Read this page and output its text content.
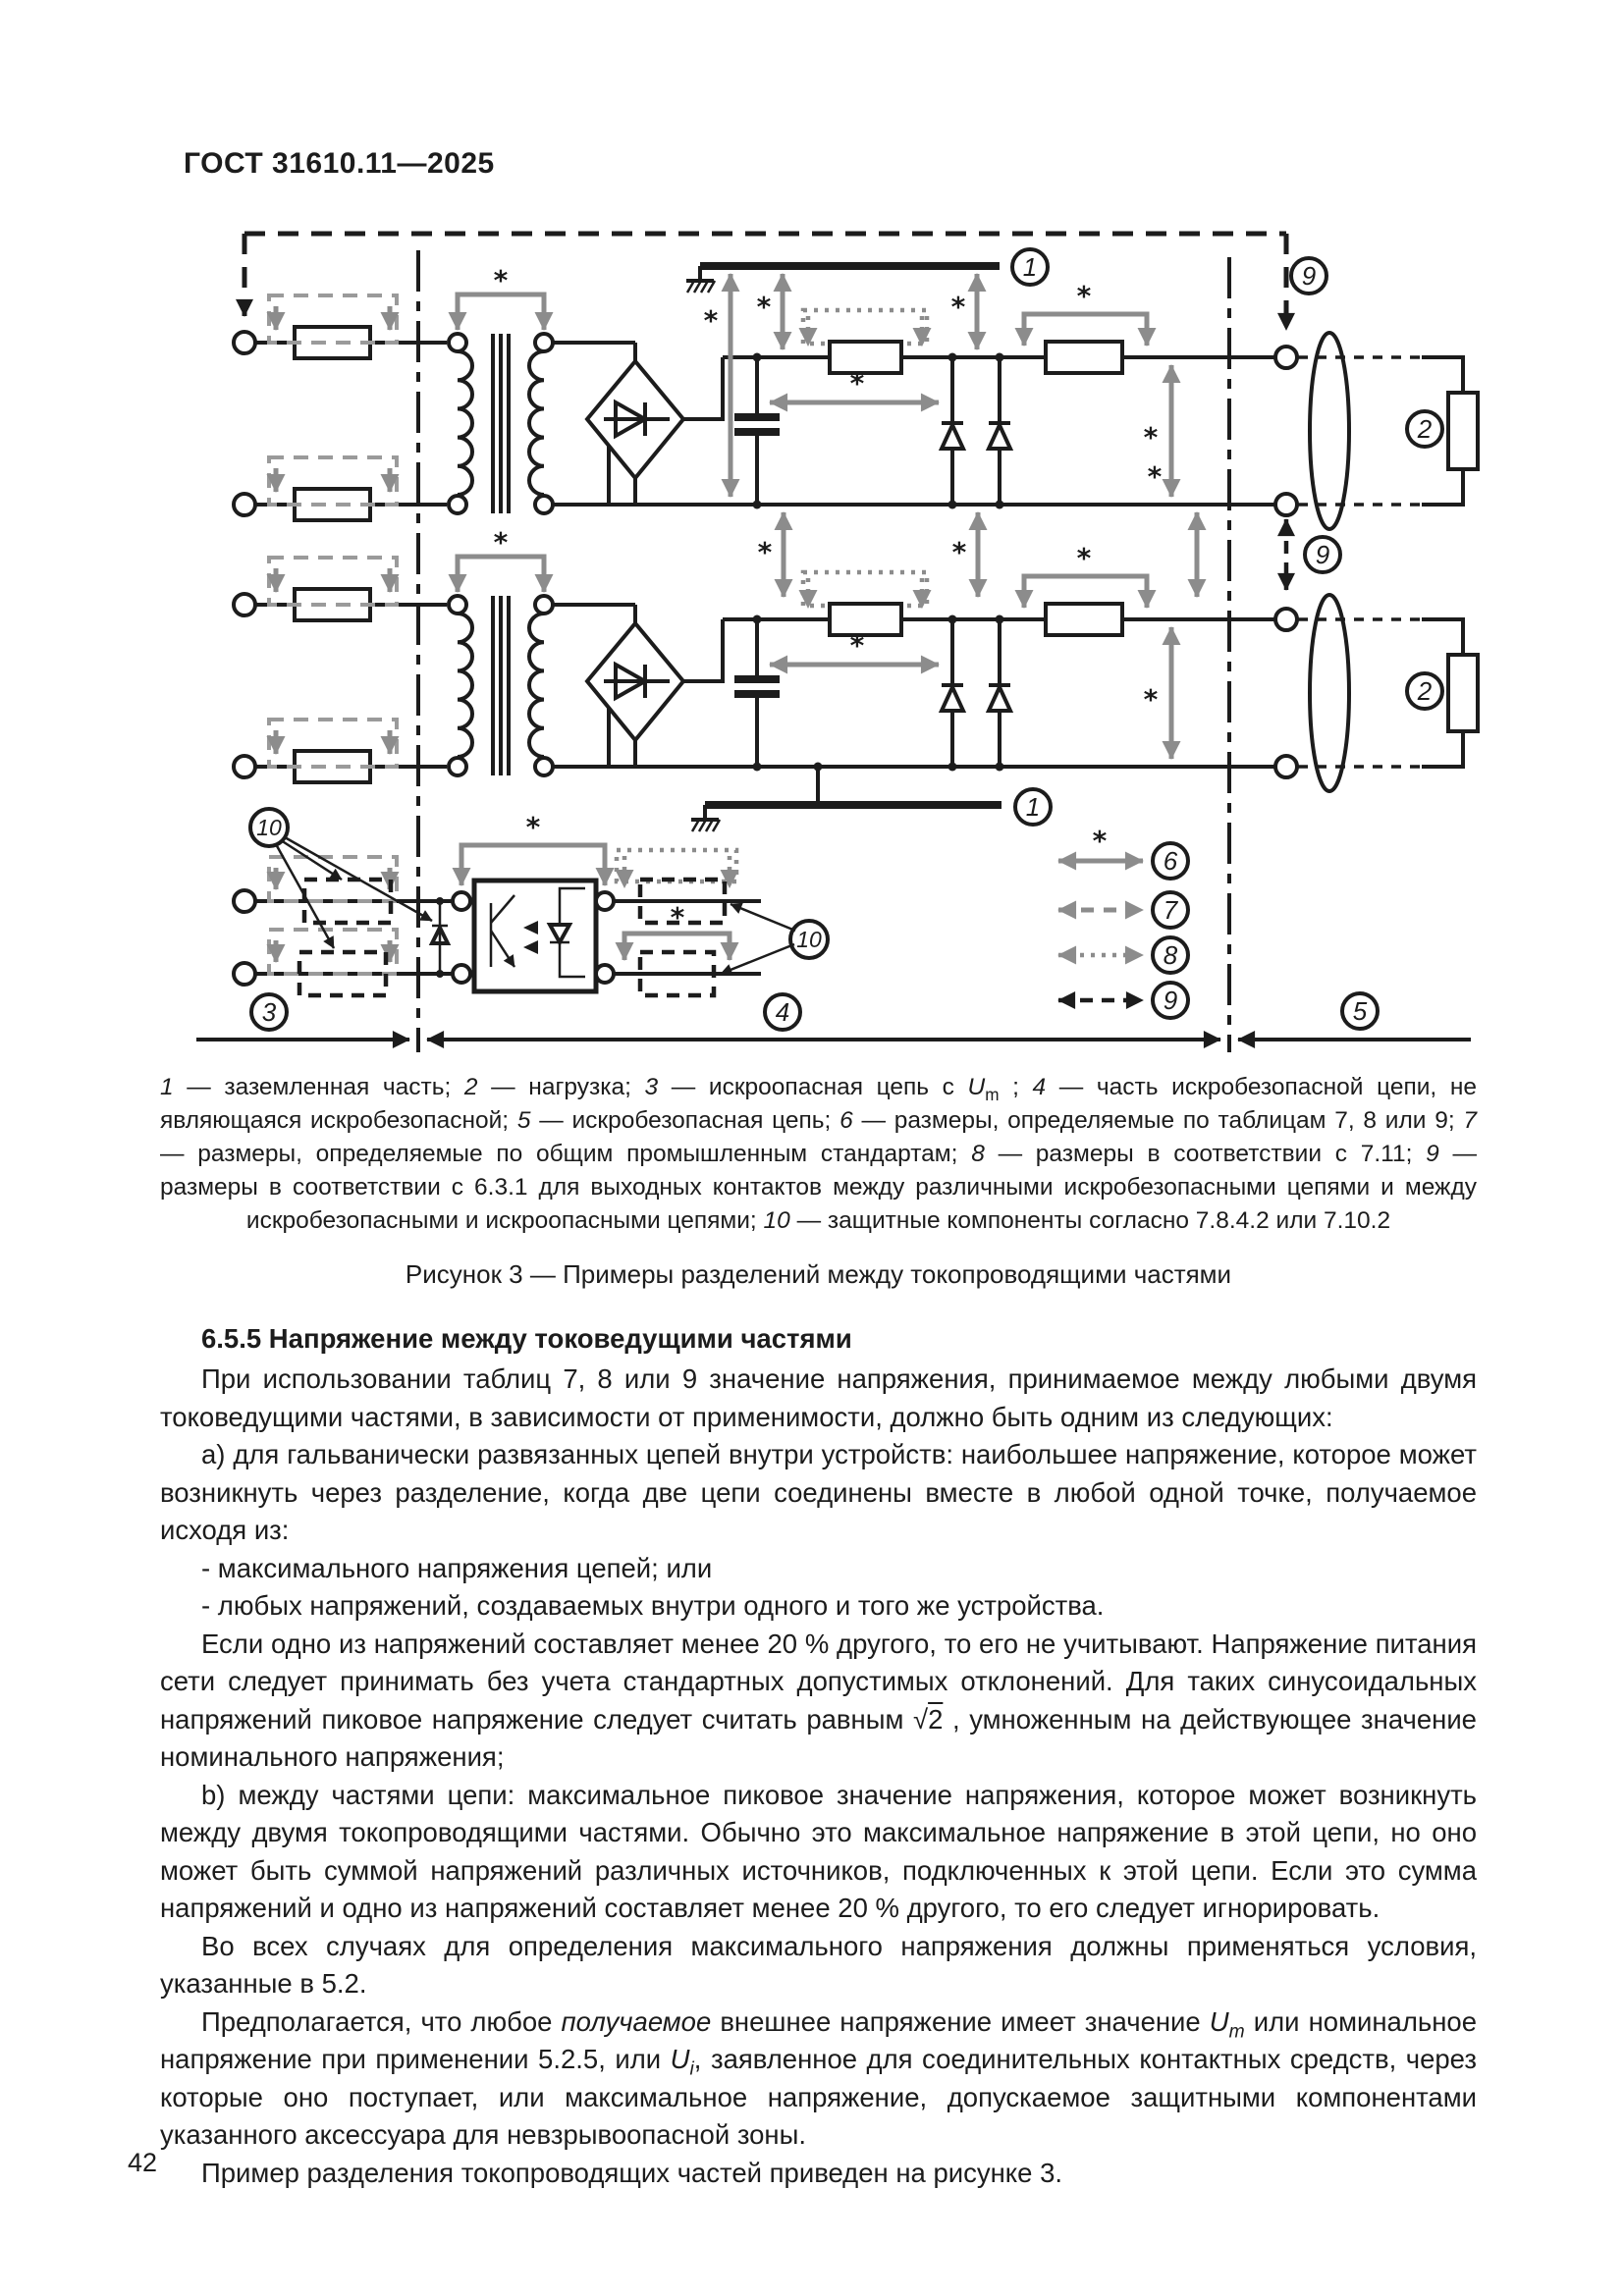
ГОСТ 31610.11—2025
9
1
* *	*
*	*
*
9
1
10	*
*
10
*
6
7
8
9
3	4	5
1 — заземленная часть; 2 — нагрузка; 3 — искроопасная цепь с $U_m$ ; 4 — часть искробезопасной цепи, не являющаяся искробезопасной; 5 — искробезопасная цепь; 6 — размеры, определяемые по таблицам 7, 8 или 9; 7 — размеры, определяемые по общим промышленным стандартам; 8 — размеры в соответствии с 7.11; 9 — размеры в соответствии с 6.3.1 для выходных контактов между различными искробезопасными цепями и между искробезопасными и искроопасными цепями; 10 — защитные компоненты согласно 7.8.4.2 или 7.10.2
Рисунок 3 — Примеры разделений между токопроводящими частями
6.5.5 Напряжение между токоведущими частями

При использовании таблиц 7, 8 или 9 значение напряжения, принимаемое между любыми двумя токоведущими частями, в зависимости от применимости, должно быть одним из следующих:

a) для гальванически развязанных цепей внутри устройств: наибольшее напряжение, которое может возникнуть через разделение, когда две цепи соединены вместе в любой одной точке, получаемое исходя из:

- максимального напряжения цепей; или

- любых напряжений, создаваемых внутри одного и того же устройства.

Если одно из напряжений составляет менее 20 % другого, то его не учитывают. Напряжение питания сети следует принимать без учета стандартных допустимых отклонений. Для таких синусоидальных напряжений пиковое напряжение следует считать равным √2 , умноженным на действующее значение номинального напряжения;

b) между частями цепи: максимальное пиковое значение напряжения, которое может возникнуть между двумя токопроводящими частями. Обычно это максимальное напряжение в этой цепи, но оно может быть суммой напряжений различных источников, подключенных к этой цепи. Если это сумма напряжений и одно из напряжений составляет менее 20 % другого, то его следует игнорировать.

Во всех случаях для определения максимального напряжения должны применяться условия, указанные в 5.2.

Предполагается, что любое получаемое внешнее напряжение имеет значение $U_m$ или номинальное напряжение при применении 5.2.5, или $U_i$, заявленное для соединительных контактных средств, через которые оно поступает, или максимальное напряжение, допускаемое защитными компонентами указанного аксессуара для невзрывоопасной зоны.

Пример разделения токопроводящих частей приведен на рисунке 3.

42
